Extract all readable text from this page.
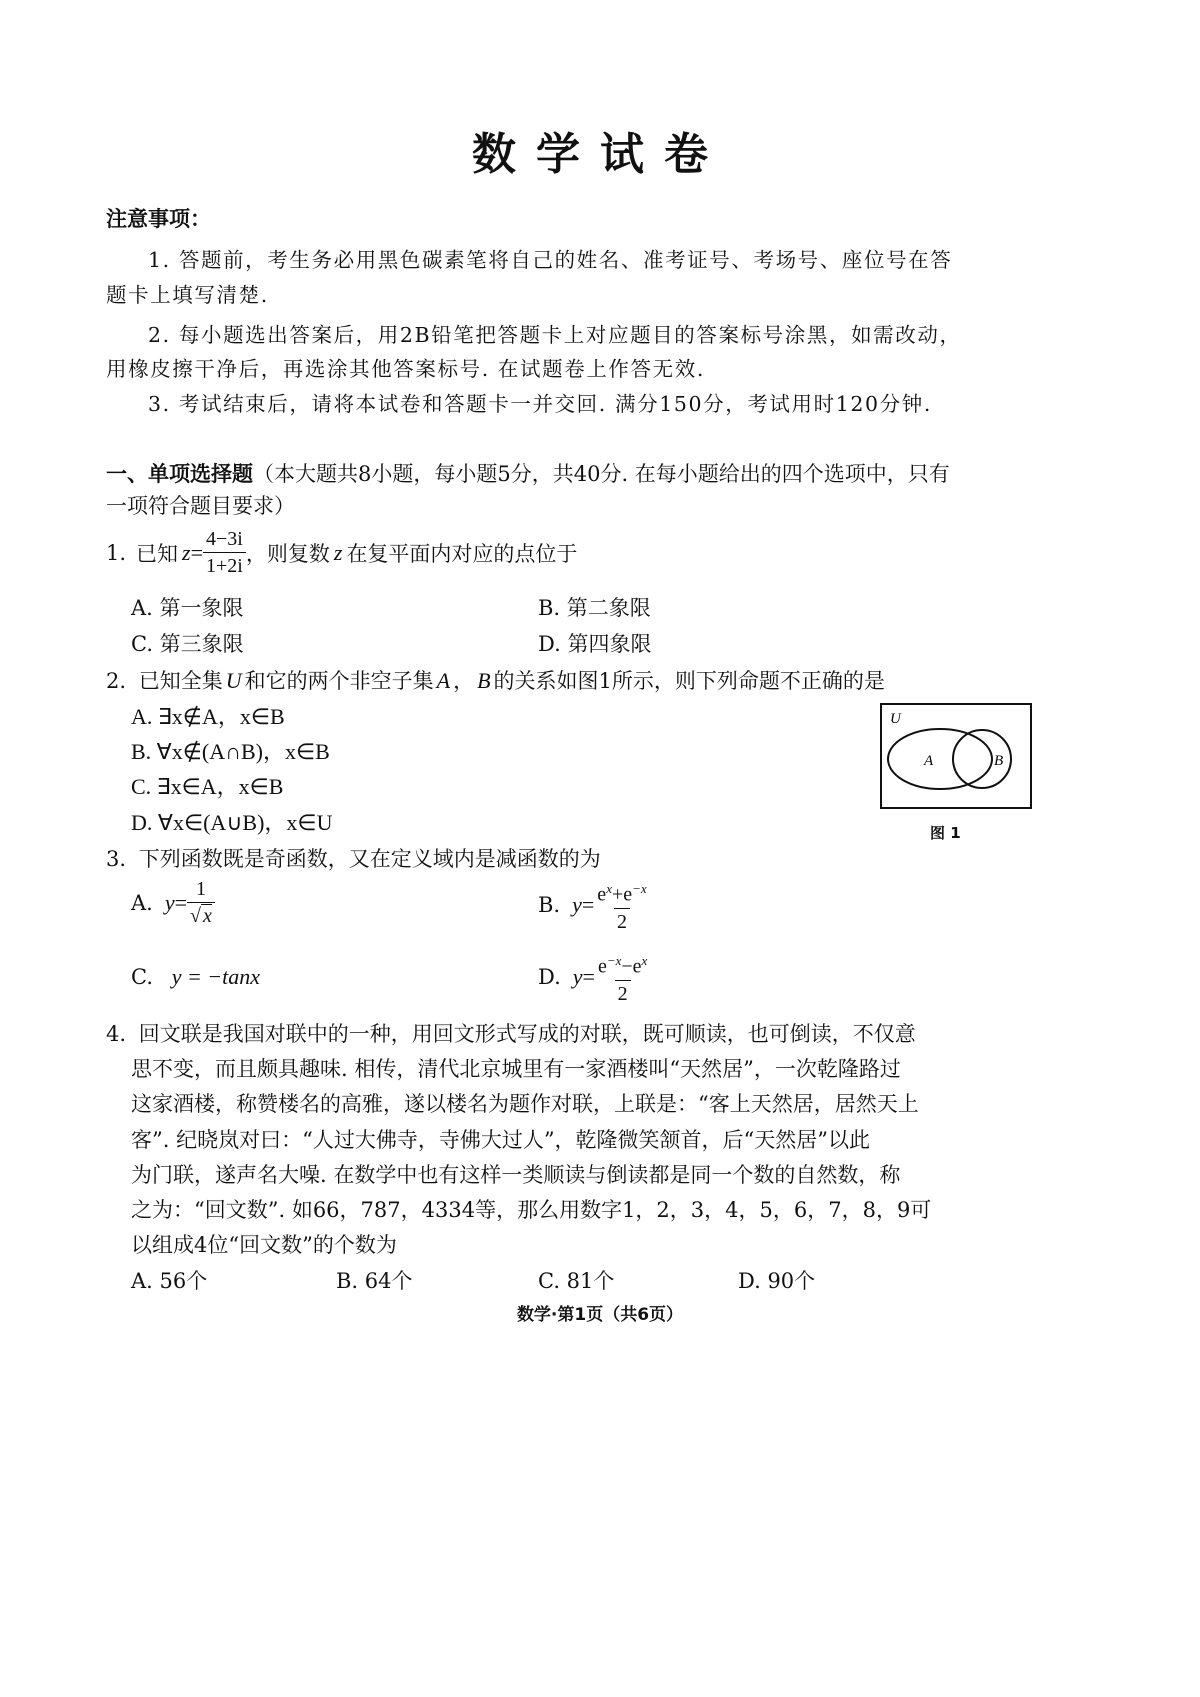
数学试卷
注意事项：
1. 答题前，考生务必用黑色碳素笔将自己的姓名、准考证号、考场号、座位号在答
题卡上填写清楚.
2. 每小题选出答案后，用2B铅笔把答题卡上对应题目的答案标号涂黑，如需改动，
用橡皮擦干净后，再选涂其他答案标号. 在试题卷上作答无效.
3. 考试结束后，请将本试卷和答题卡一并交回. 满分150分，考试用时120分钟.
一、单项选择题（本大题共8小题，每小题5分，共40分. 在每小题给出的四个选项中，只有
一项符合题目要求）
1. 已知 $z = \frac{4-3i}{1+2i}$ ，则复数 z 在复平面内对应的点位于
A. 第一象限	B. 第二象限
C. 第三象限	D. 第四象限
2. 已知全集 U 和它的两个非空子集 A ， B 的关系如图1所示，则下列命题不正确的是
A. ∃x∉A，x∈B
B. ∀x∉(A∩B)，x∈B
C. ∃x∈A，x∈B
D. ∀x∈(A∪B)，x∈U
U
A	B
图 1
3. 下列函数既是奇函数，又在定义域内是减函数的为
A. $y = \frac{1}{√ x}$	B. $y = \frac{e^x+e^{-x}}{2}$
C. y = −tanx	D. $y = \frac{e^{-x}-e^x}{2}$
4. 回文联是我国对联中的一种，用回文形式写成的对联，既可顺读，也可倒读，不仅意
思不变，而且颇具趣味. 相传，清代北京城里有一家酒楼叫“天然居”，一次乾隆路过
这家酒楼，称赞楼名的高雅，遂以楼名为题作对联，上联是：“客上天然居，居然天上
客”. 纪晓岚对曰：“人过大佛寺，寺佛大过人”，乾隆微笑颔首，后“天然居”以此
为门联，遂声名大噪. 在数学中也有这样一类顺读与倒读都是同一个数的自然数，称
之为：“回文数”. 如66，787，4334等，那么用数字1，2，3，4，5，6，7，8，9可
以组成4位“回文数”的个数为
A. 56个	B. 64个	C. 81个	D. 90个
数学·第1页（共6页）
